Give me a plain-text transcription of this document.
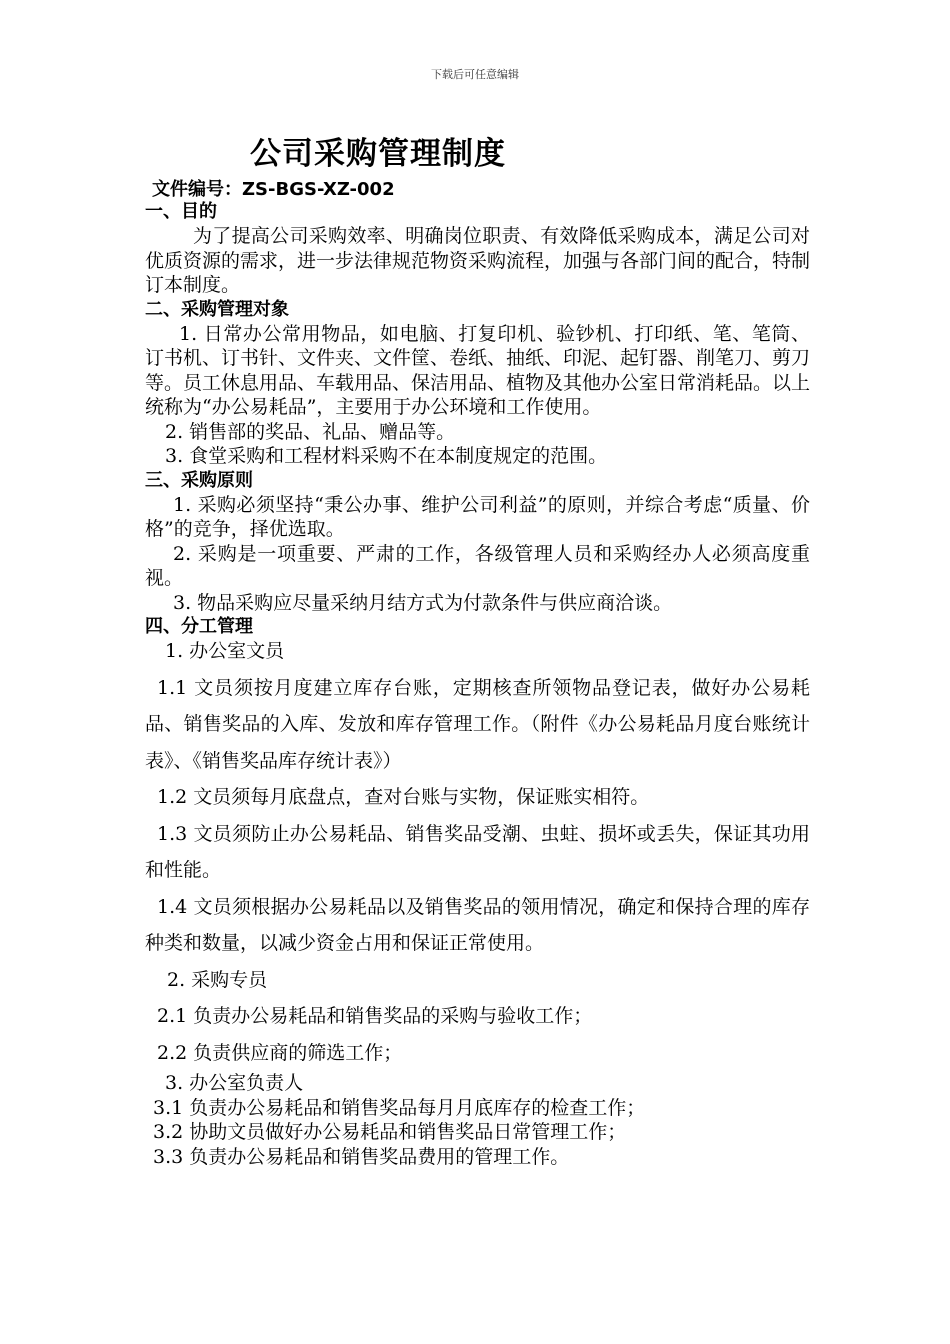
下载后可任意编辑
公司采购管理制度
文件编号：ZS-BGS-XZ-002

一、目的

为了提高公司采购效率、明确岗位职责、有效降低采购成本，满足公司对优质资源的需求，进一步法律规范物资采购流程，加强与各部门间的配合，特制订本制度。

二、采购管理对象

1. 日常办公常用物品，如电脑、打复印机、验钞机、打印纸、笔、笔筒、订书机、订书针、文件夹、文件筐、卷纸、抽纸、印泥、起钉器、削笔刀、剪刀等。员工休息用品、车载用品、保洁用品、植物及其他办公室日常消耗品。以上统称为“办公易耗品”，主要用于办公环境和工作使用。

2. 销售部的奖品、礼品、赠品等。

3. 食堂采购和工程材料采购不在本制度规定的范围。

三、采购原则

1. 采购必须坚持“秉公办事、维护公司利益”的原则，并综合考虑“质量、价格”的竞争，择优选取。

2. 采购是一项重要、严肃的工作，各级管理人员和采购经办人必须高度重视。

3. 物品采购应尽量采纳月结方式为付款条件与供应商洽谈。

四、分工管理

1. 办公室文员

1.1 文员须按月度建立库存台账，定期核查所领物品登记表，做好办公易耗品、销售奖品的入库、发放和库存管理工作。（附件《办公易耗品月度台账统计表》、《销售奖品库存统计表》）

1.2 文员须每月底盘点，查对台账与实物，保证账实相符。

1.3 文员须防止办公易耗品、销售奖品受潮、虫蛀、损坏或丢失，保证其功用和性能。

1.4 文员须根据办公易耗品以及销售奖品的领用情况，确定和保持合理的库存种类和数量，以减少资金占用和保证正常使用。

2. 采购专员

2.1 负责办公易耗品和销售奖品的采购与验收工作；

2.2 负责供应商的筛选工作；

3. 办公室负责人

3.1 负责办公易耗品和销售奖品每月月底库存的检查工作；

3.2 协助文员做好办公易耗品和销售奖品日常管理工作；

3.3 负责办公易耗品和销售奖品费用的管理工作。
